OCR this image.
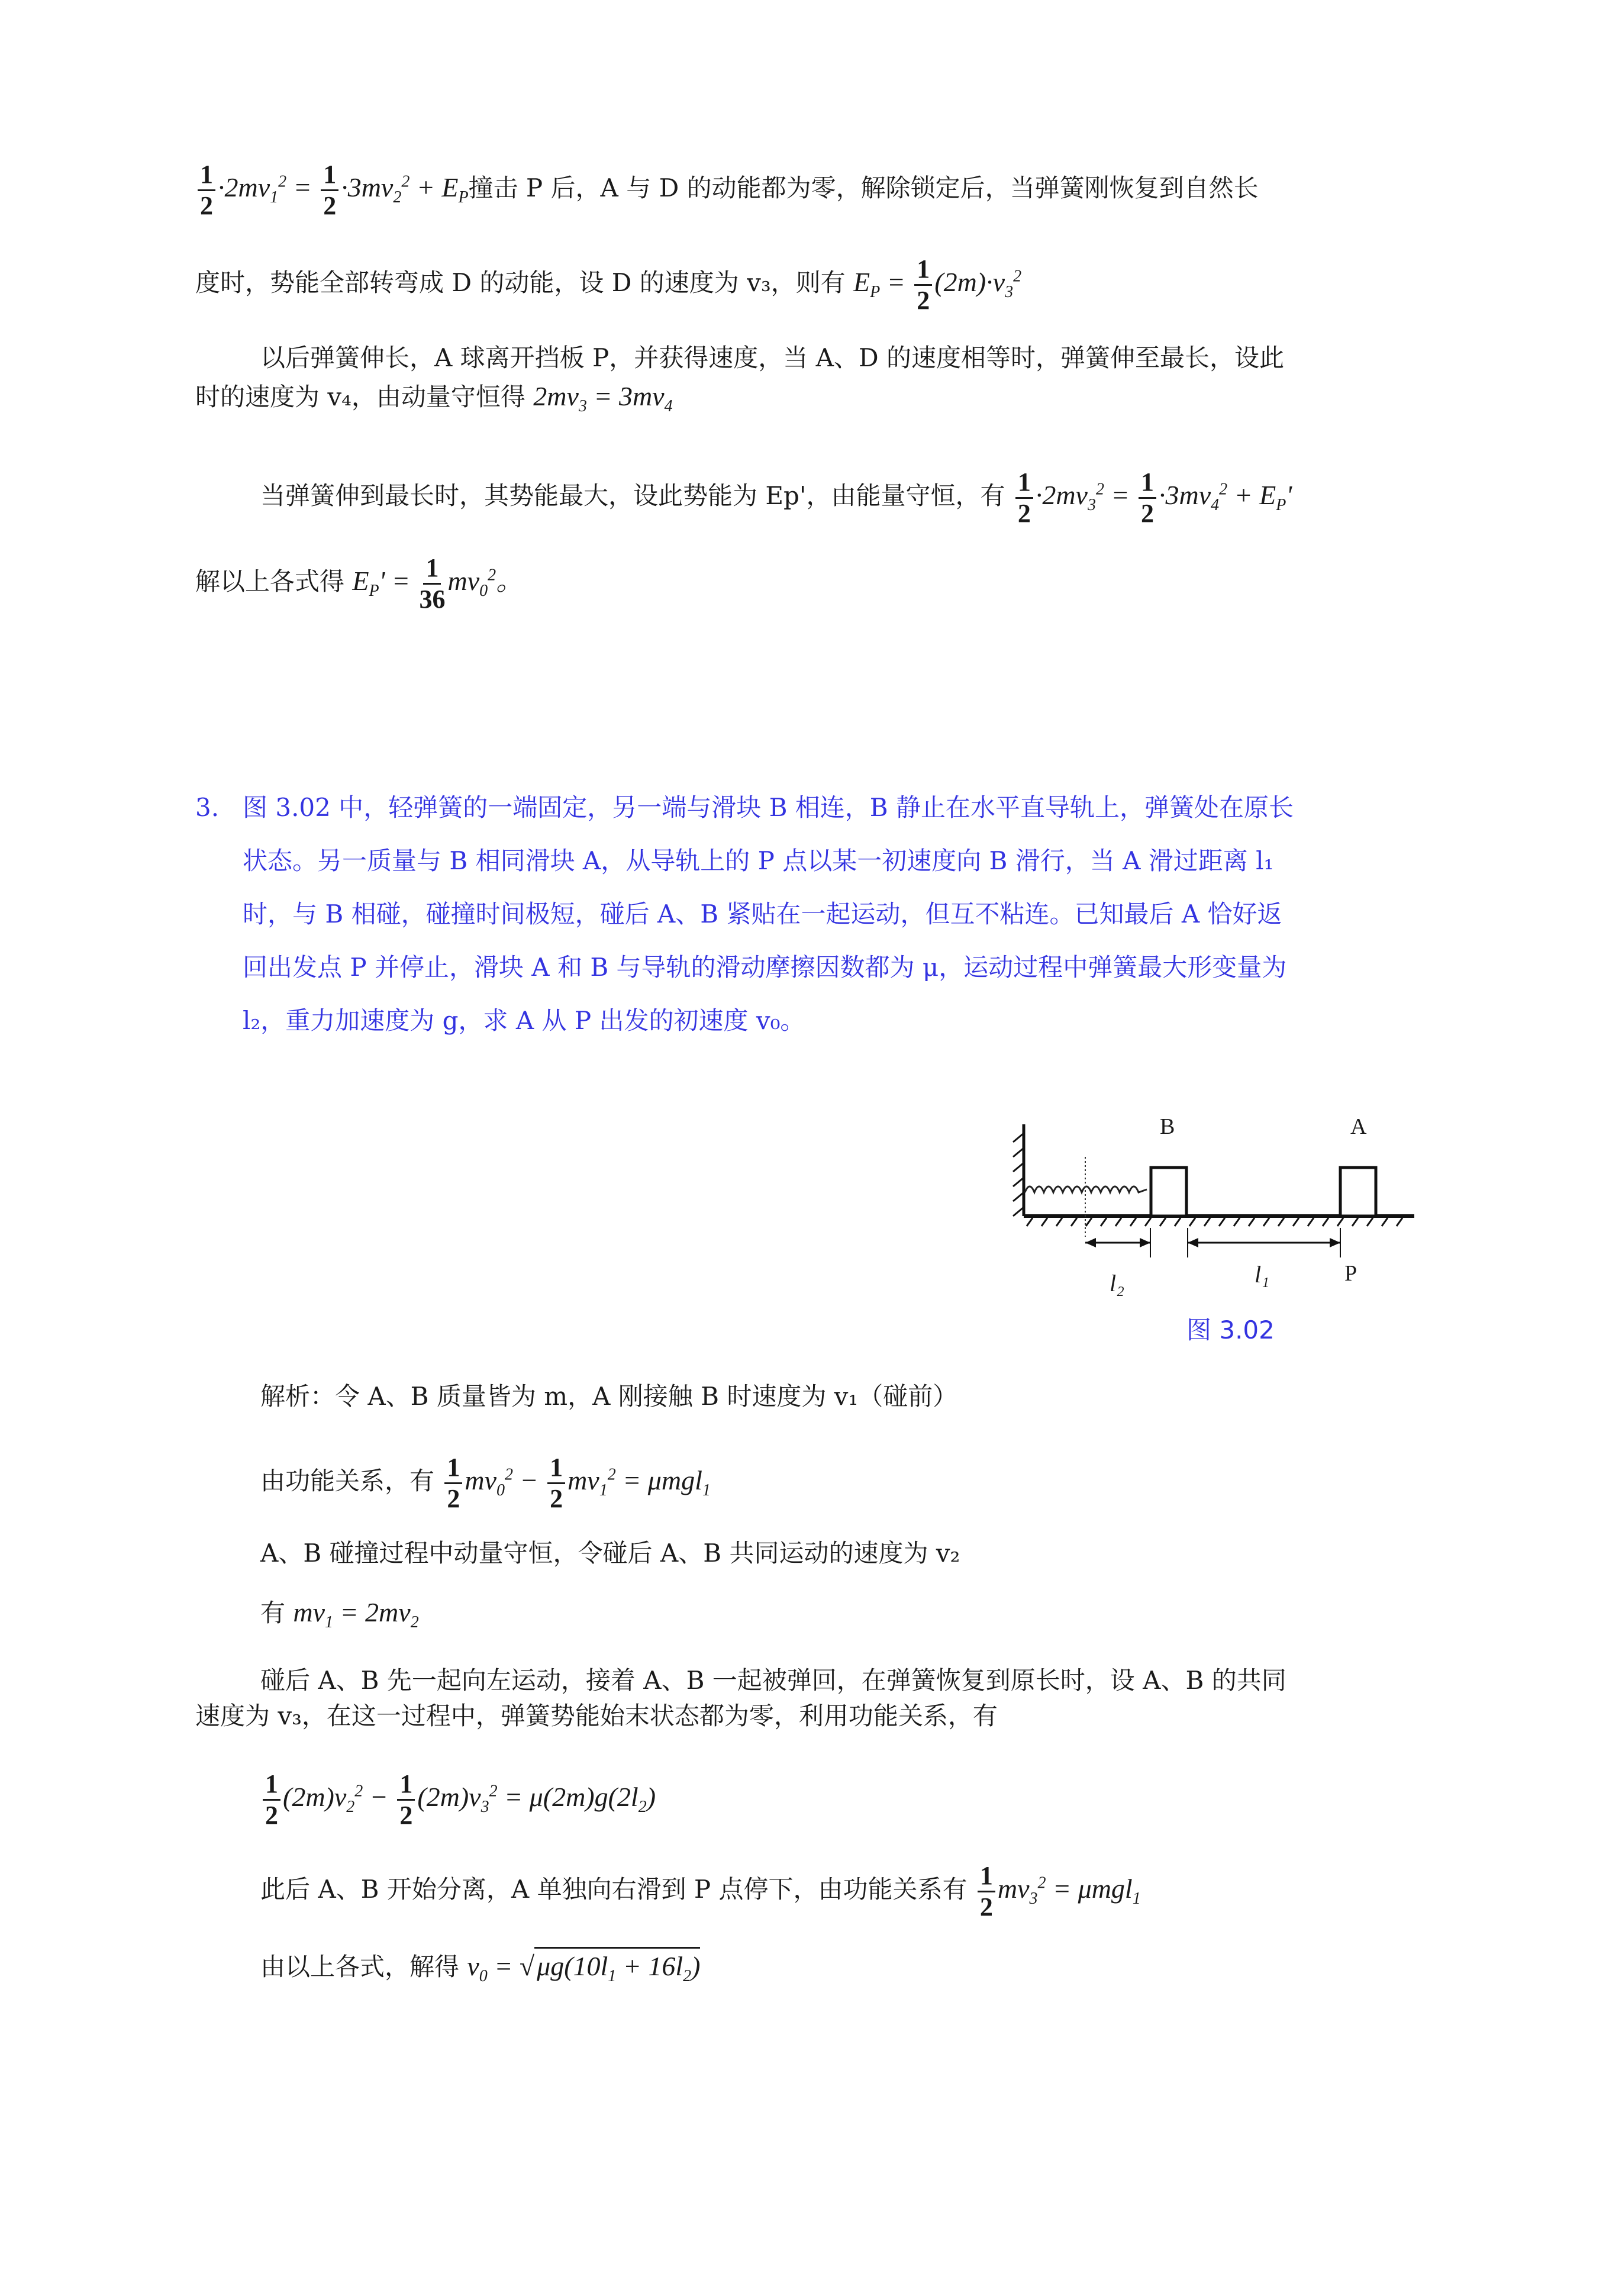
$\frac{1}{2} \cdot 2mv_1^2 = \frac{1}{2} \cdot 3mv_2^2 + E_P$撞击 P 后，A 与 D 的动能都为零，解除锁定后，当弹簧刚恢复到自然长
度时，势能全部转弯成 D 的动能，设 D 的速度为 v₃，则有 $E_P = \frac{1}{2} (2m)\cdot v_3^2$
以后弹簧伸长，A 球离开挡板 P，并获得速度，当 A、D 的速度相等时，弹簧伸至最长，设此
时的速度为 v₄，由动量守恒得 $2mv_3 = 3mv_4$
当弹簧伸到最长时，其势能最大，设此势能为 Ep'，由能量守恒，有 $\frac{1}{2} \cdot 2mv_3^2 = \frac{1}{2} \cdot 3mv_4^2 + E_P'$
解以上各式得 $E_P' = \frac{1}{36} mv_0^2$。
3. 图 3.02 中，轻弹簧的一端固定，另一端与滑块 B 相连，B 静止在水平直导轨上，弹簧处在原长
状态。另一质量与 B 相同滑块 A，从导轨上的 P 点以某一初速度向 B 滑行，当 A 滑过距离 l₁
时，与 B 相碰，碰撞时间极短，碰后 A、B 紧贴在一起运动，但互不粘连。已知最后 A 恰好返
回出发点 P 并停止，滑块 A 和 B 与导轨的滑动摩擦因数都为 μ，运动过程中弹簧最大形变量为
l₂，重力加速度为 g，求 A 从 P 出发的初速度 v₀。
B	A
P
l₁
l₂
图 3.02
解析：令 A、B 质量皆为 m，A 刚接触 B 时速度为 v₁（碰前）
由功能关系，有 $\frac{1}{2} mv_0^2 - \frac{1}{2} mv_1^2 = \mu mgl_1$
A、B 碰撞过程中动量守恒，令碰后 A、B 共同运动的速度为 v₂
有 $mv_1 = 2mv_2$
碰后 A、B 先一起向左运动，接着 A、B 一起被弹回，在弹簧恢复到原长时，设 A、B 的共同
速度为 v₃，在这一过程中，弹簧势能始末状态都为零，利用功能关系，有
$\frac{1}{2} (2m)v_2^2 - \frac{1}{2} (2m)v_3^2 = \mu(2m)g(2l_2)$
此后 A、B 开始分离，A 单独向右滑到 P 点停下，由功能关系有 $\frac{1}{2} mv_3^2 = \mu mgl_1$
由以上各式，解得 $v_0 = √\mu g(10l_1 + 16l_2)$
